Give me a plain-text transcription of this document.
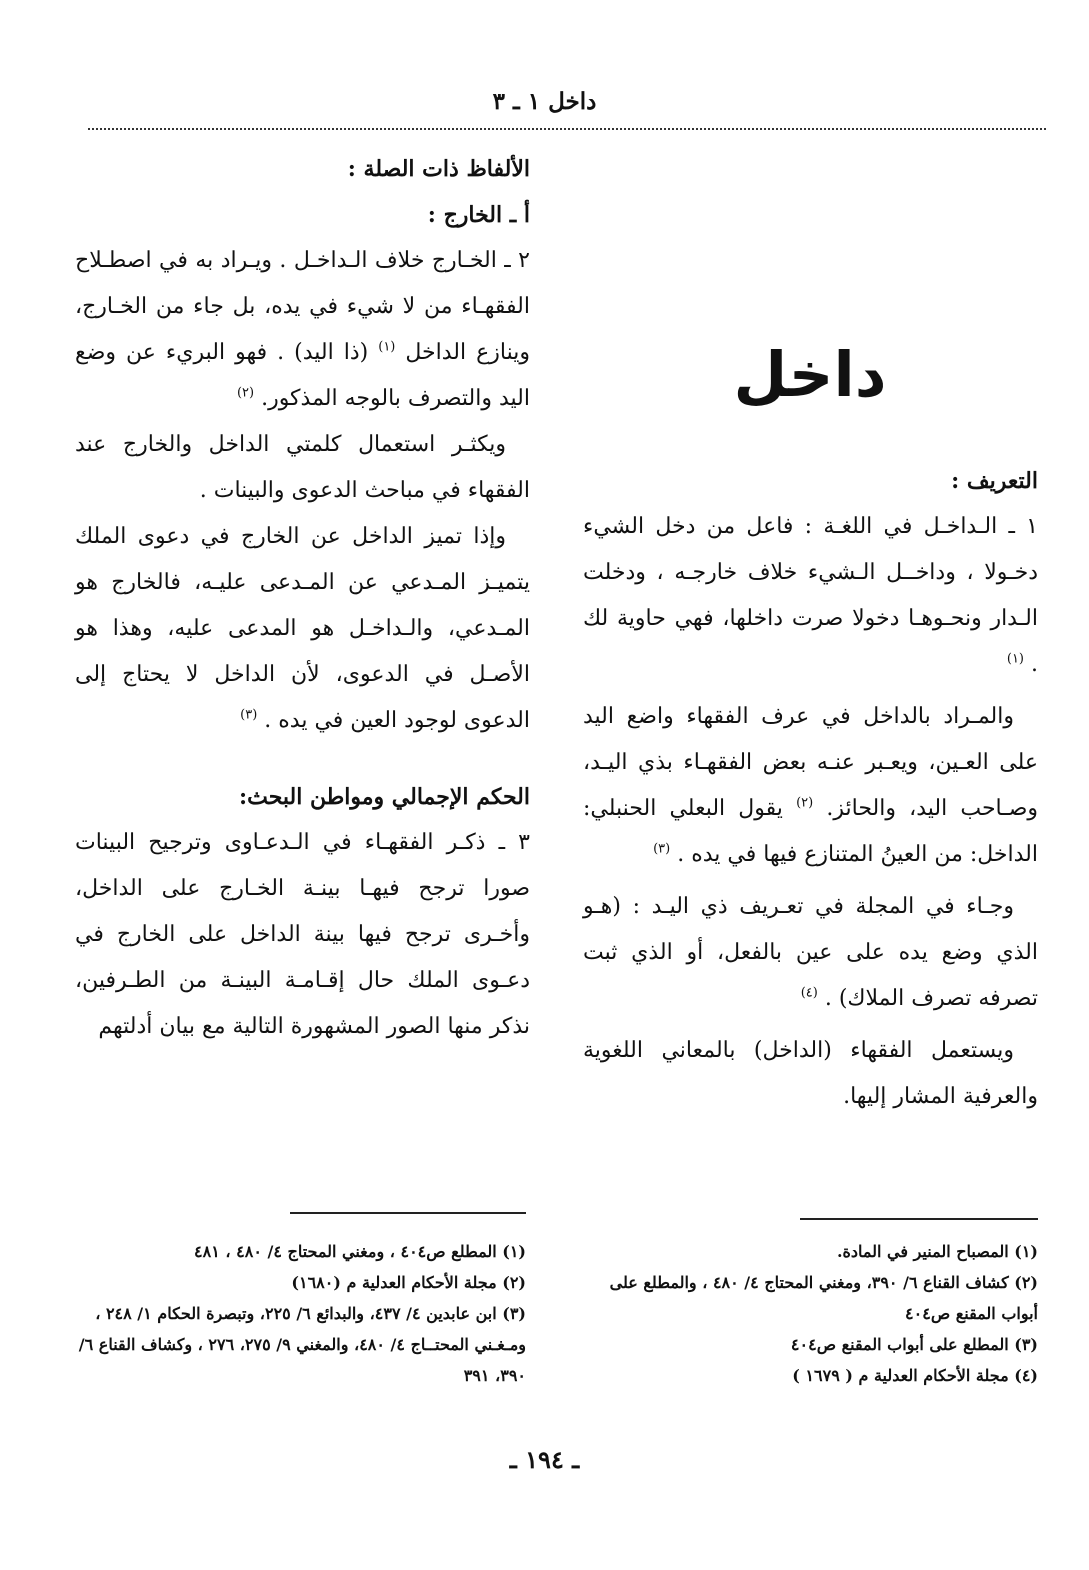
داخل ١ ـ ٣
داخل

التعريف :

١ ـ الـداخـل في اللغـة : فاعل من دخل الشيء دخـولا ، وداخــل الـشيء خلاف خارجـه ، ودخلت الـدار ونحـوهـا دخولا صرت داخلها، فهي حاوية لك . $^{(١)}$

والمـراد بالداخل في عرف الفقهاء واضع اليد على العـين، ويعـبر عنـه بعض الفقهـاء بذي اليـد، وصـاحب اليد، والحائز. $^{(٢)}$ يقول البعلي الحنبلي: الداخل: من العينُ المتنازع فيها في يده . $^{(٣)}$

وجـاء في المجلة في تعـريف ذي اليـد : (هـو الذي وضع يده على عين بالفعل، أو الذي ثبت تصرفه تصرف الملاك) . $^{(٤)}$

ويستعمل الفقهاء (الداخل) بالمعاني اللغوية والعرفية المشار إليها.

الألفاظ ذات الصلة :

أ ـ الخارج :

٢ ـ الخـارج خلاف الـداخـل . ويـراد به في اصطـلاح الفقهـاء من لا شيء في يده، بل جاء من الخـارج، وينازع الداخل $^{(١)}$ (ذا اليد) . فهو البريء عن وضع اليد والتصرف بالوجه المذكور. $^{(٢)}$

ويكثـر استعمال كلمتي الداخل والخارج عند الفقهاء في مباحث الدعوى والبينات .

وإذا تميز الداخل عن الخارج في دعوى الملك يتميـز المـدعي عن المـدعى عليـه، فالخارج هو المـدعي، والـداخـل هو المدعى عليه، وهذا هو الأصـل في الدعوى، لأن الداخل لا يحتاج إلى الدعوى لوجود العين في يده . $^{(٣)}$

الحكم الإجمالي ومواطن البحث:

٣ ـ ذكـر الفقهـاء في الـدعـاوى وترجيح البينات صورا ترجح فيهـا بينـة الخـارج على الداخل، وأخـرى ترجح فيها بينة الداخل على الخارج في دعـوى الملك حال إقـامـة البينـة من الطـرفين، نذكر منها الصور المشهورة التالية مع بيان أدلتهم

(١) المصباح المنير في المادة.

(٢) كشاف القناع ٦/ ٣٩٠، ومغني المحتاج ٤/ ٤٨٠ ، والمطلع على أبواب المقنع ص٤٠٤

(٣) المطلع على أبواب المقنع ص٤٠٤

(٤) مجلة الأحكام العدلية م ( ١٦٧٩ )

(١) المطلع ص٤٠٤ ، ومغني المحتاج ٤/ ٤٨٠ ، ٤٨١

(٢) مجلة الأحكام العدلية م (١٦٨٠)

(٣) ابن عابدين ٤/ ٤٣٧، والبدائع ٦/ ٢٢٥، وتبصرة الحكام ١/ ٢٤٨ ، ومـغـني المحتــاج ٤/ ٤٨٠، والمغني ٩/ ٢٧٥، ٢٧٦ ، وكشاف القناع ٦/ ٣٩٠، ٣٩١

ـ ١٩٤ ـ
